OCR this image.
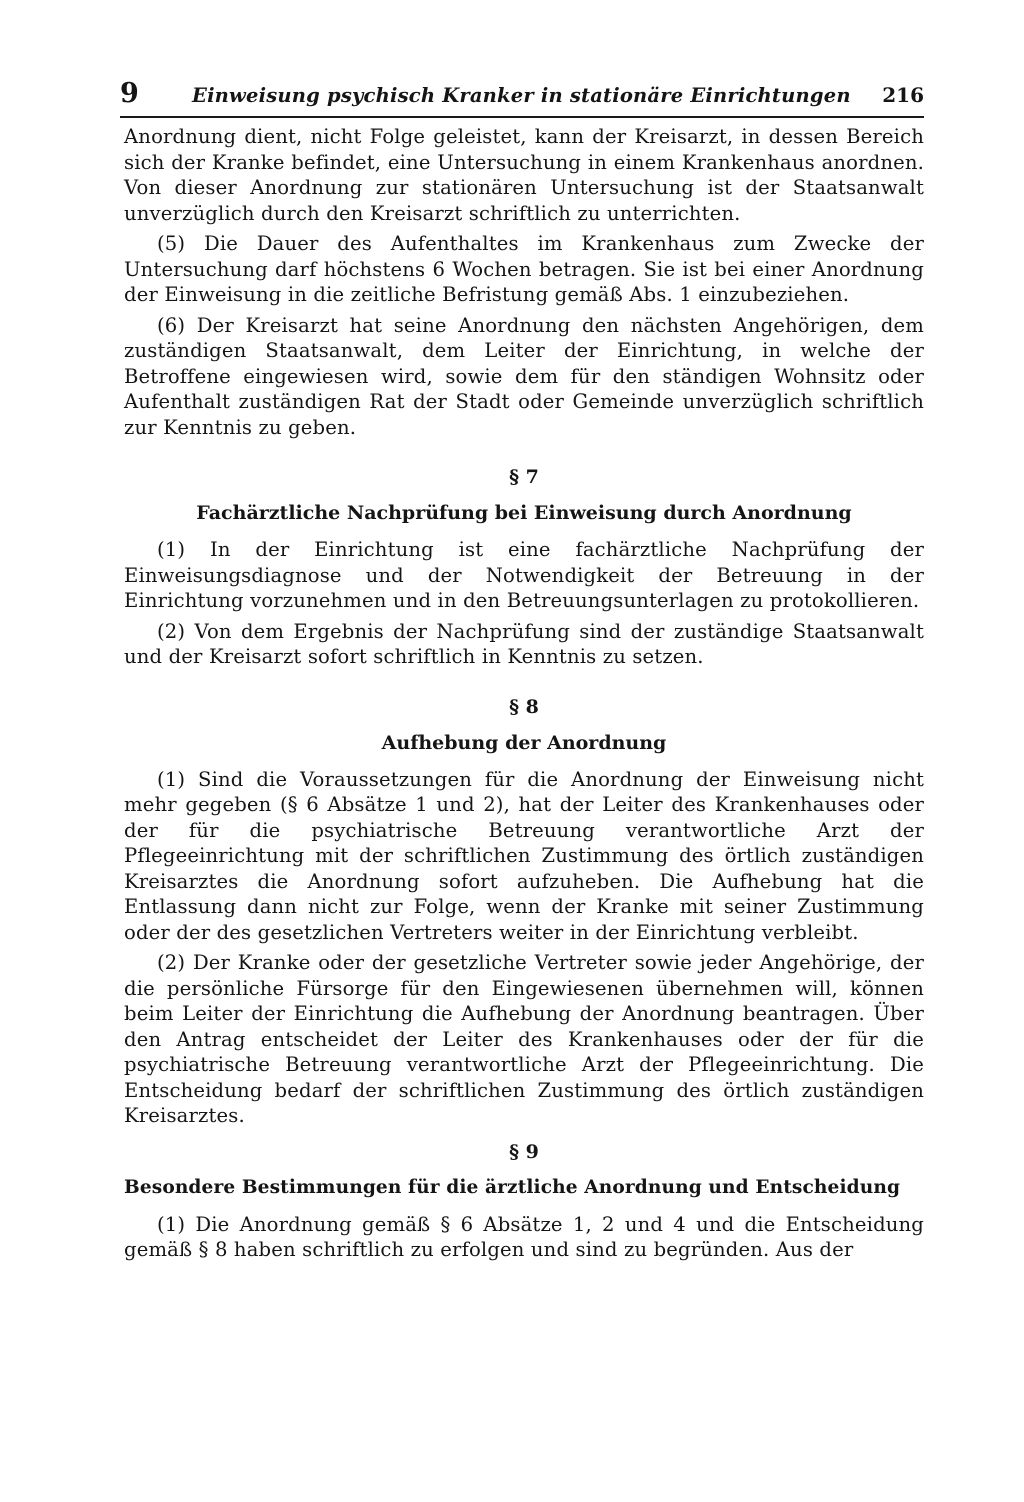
9	Einweisung psychisch Kranker in stationäre Einrichtungen	216

Anordnung dient, nicht Folge geleistet, kann der Kreisarzt, in dessen Bereich sich der Kranke befindet, eine Untersuchung in einem Krankenhaus anordnen. Von dieser Anordnung zur stationären Untersuchung ist der Staatsanwalt unverzüglich durch den Kreisarzt schriftlich zu unterrichten.

(5) Die Dauer des Aufenthaltes im Krankenhaus zum Zwecke der Untersuchung darf höchstens 6 Wochen betragen. Sie ist bei einer Anordnung der Einweisung in die zeitliche Befristung gemäß Abs. 1 einzubeziehen.

(6) Der Kreisarzt hat seine Anordnung den nächsten Angehörigen, dem zuständigen Staatsanwalt, dem Leiter der Einrichtung, in welche der Betroffene eingewiesen wird, sowie dem für den ständigen Wohnsitz oder Aufenthalt zuständigen Rat der Stadt oder Gemeinde unverzüglich schriftlich zur Kenntnis zu geben.

§ 7
Fachärztliche Nachprüfung bei Einweisung durch Anordnung

(1) In der Einrichtung ist eine fachärztliche Nachprüfung der Einweisungsdiagnose und der Notwendigkeit der Betreuung in der Einrichtung vorzunehmen und in den Betreuungsunterlagen zu protokollieren.

(2) Von dem Ergebnis der Nachprüfung sind der zuständige Staatsanwalt und der Kreisarzt sofort schriftlich in Kenntnis zu setzen.

§ 8
Aufhebung der Anordnung

(1) Sind die Voraussetzungen für die Anordnung der Einweisung nicht mehr gegeben (§ 6 Absätze 1 und 2), hat der Leiter des Krankenhauses oder der für die psychiatrische Betreuung verantwortliche Arzt der Pflegeeinrichtung mit der schriftlichen Zustimmung des örtlich zuständigen Kreisarztes die Anordnung sofort aufzuheben. Die Aufhebung hat die Entlassung dann nicht zur Folge, wenn der Kranke mit seiner Zustimmung oder der des gesetzlichen Vertreters weiter in der Einrichtung verbleibt.

(2) Der Kranke oder der gesetzliche Vertreter sowie jeder Angehörige, der die persönliche Fürsorge für den Eingewiesenen übernehmen will, können beim Leiter der Einrichtung die Aufhebung der Anordnung beantragen. Über den Antrag entscheidet der Leiter des Krankenhauses oder der für die psychiatrische Betreuung verantwortliche Arzt der Pflegeeinrichtung. Die Entscheidung bedarf der schriftlichen Zustimmung des örtlich zuständigen Kreisarztes.

§ 9
Besondere Bestimmungen für die ärztliche Anordnung und Entscheidung

(1) Die Anordnung gemäß § 6 Absätze 1, 2 und 4 und die Entscheidung gemäß § 8 haben schriftlich zu erfolgen und sind zu begründen. Aus der
